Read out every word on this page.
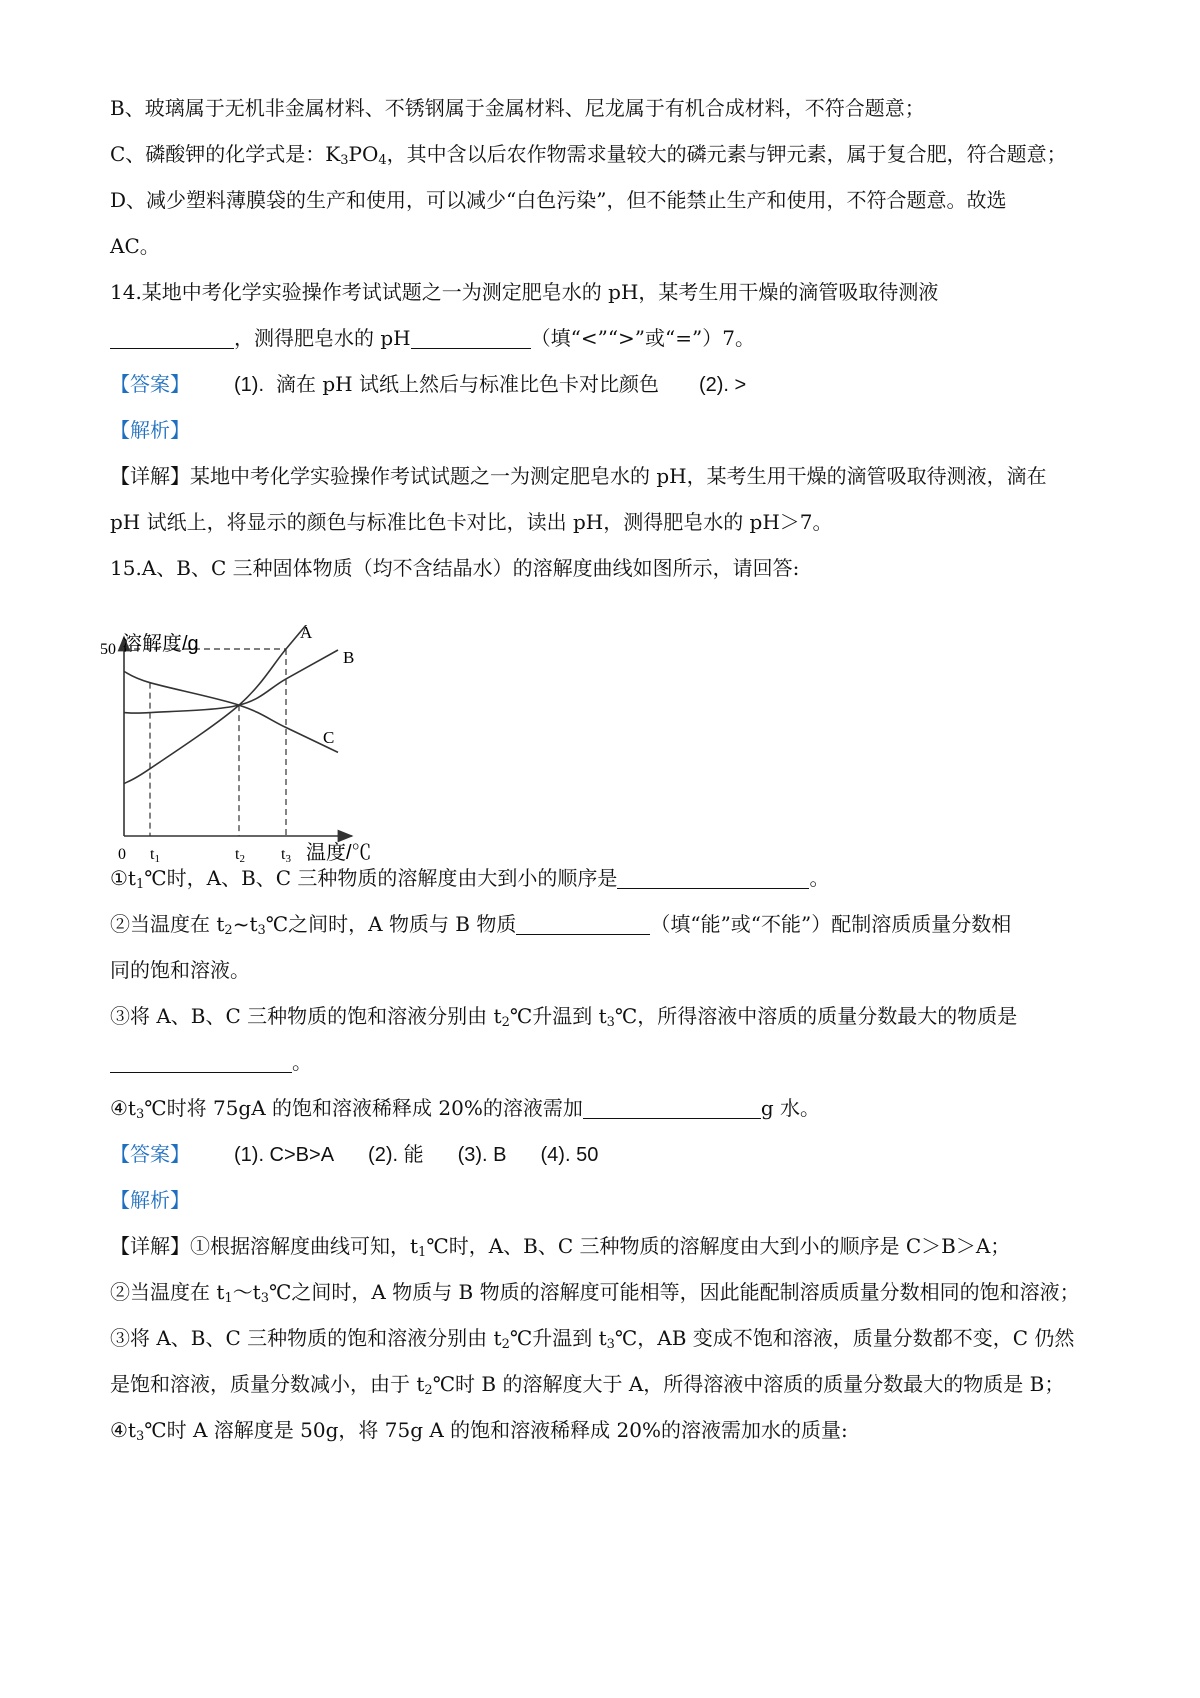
B、玻璃属于无机非金属材料、不锈钢属于金属材料、尼龙属于有机合成材料，不符合题意；
C、磷酸钾的化学式是：$K_3PO_4$，其中含以后农作物需求量较大的磷元素与钾元素，属于复合肥，符合题意；
D、减少塑料薄膜袋的生产和使用，可以减少“白色污染”，但不能禁止生产和使用，不符合题意。故选
AC。
14.某地中考化学实验操作考试试题之一为测定肥皂水的 pH，某考生用干燥的滴管吸取待测液
，测得肥皂水的 pH	（填“<”“>”或“=”）7。
【答案】 (1). 滴在 pH 试纸上然后与标准比色卡对比颜色 (2). >
【解析】
【详解】某地中考化学实验操作考试试题之一为测定肥皂水的 pH，某考生用干燥的滴管吸取待测液，滴在
pH 试纸上，将显示的颜色与标准比色卡对比，读出 pH，测得肥皂水的 pH＞7。
15.A、B、C 三种固体物质（均不含结晶水）的溶解度曲线如图所示，请回答:
溶解度/g
温度/℃
50
0 t1	t2 t3
A
B
C
$①t_1℃$时，A、B、C 三种物质的溶解度由大到小的顺序是	。
②当温度在 $t_2\sim t_3℃$之间时，A 物质与 B 物质	（填“能”或“不能”）配制溶质质量分数相
同的饱和溶液。
③将 A、B、C 三种物质的饱和溶液分别由 $t_2℃$升温到 $t_3℃$，所得溶液中溶质的质量分数最大的物质是
。
$④t_3℃$时将 75gA 的饱和溶液稀释成 20%的溶液需加	g 水。
【答案】 (1). C>B>A (2). 能 (3). B (4). 50
【解析】
【详解】①根据溶解度曲线可知，$t_1℃$时，A、B、C 三种物质的溶解度由大到小的顺序是 C＞B＞A；
②当温度在 $t_1\sim t_3℃$之间时，A 物质与 B 物质的溶解度可能相等，因此能配制溶质质量分数相同的饱和溶液；
③将 A、B、C 三种物质的饱和溶液分别由 $t_2℃$升温到 $t_3℃$，AB 变成不饱和溶液，质量分数都不变，C 仍然
是饱和溶液，质量分数减小，由于 $t_2℃$时 B 的溶解度大于 A，所得溶液中溶质的质量分数最大的物质是 B；
$④t_3℃$时 A 溶解度是 50g，将 75g A 的饱和溶液稀释成 20%的溶液需加水的质量:
